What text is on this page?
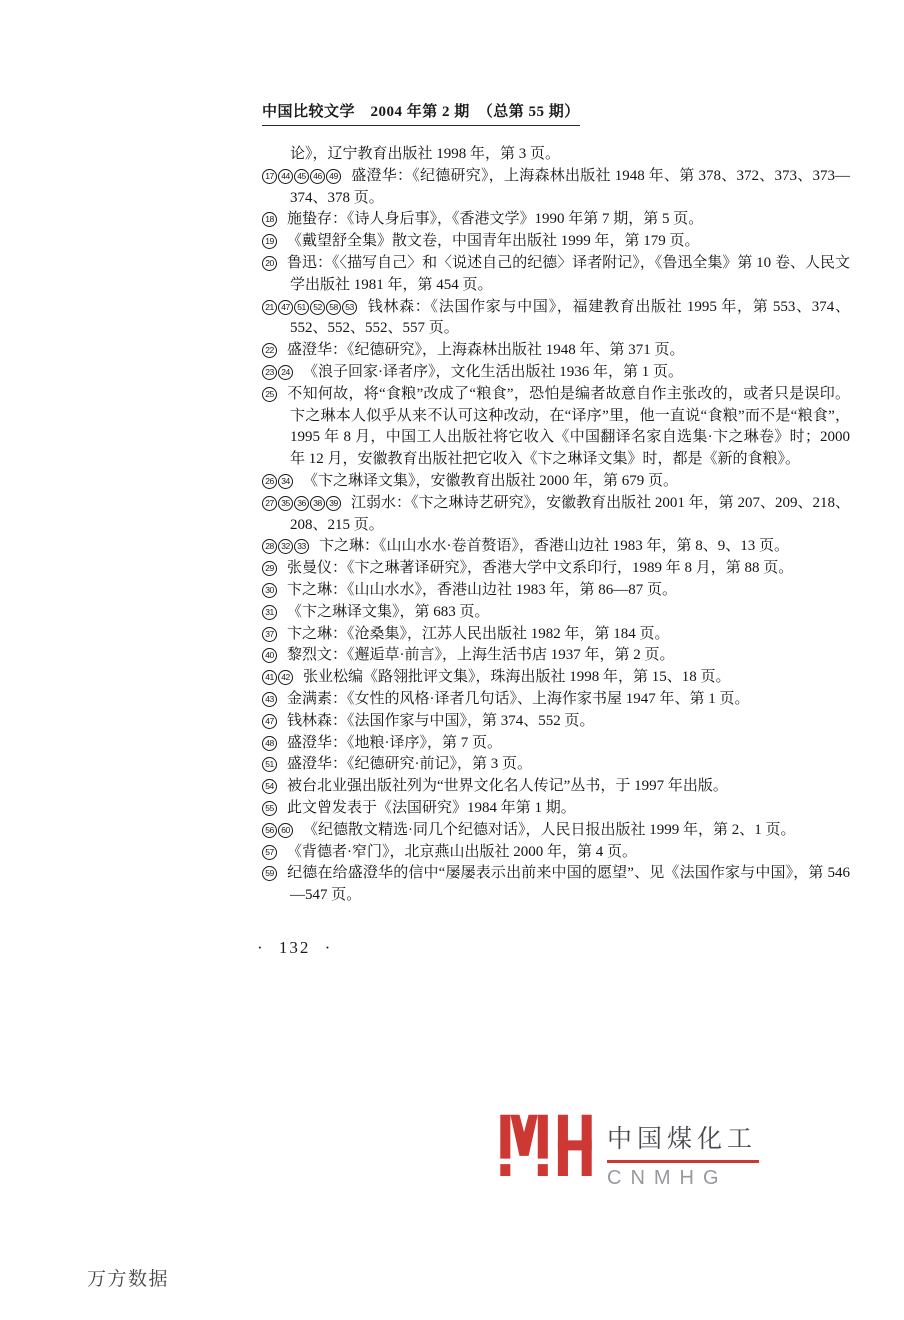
中国比较文学　2004 年第 2 期　（总第 55 期）

论》，辽宁教育出版社 1998 年，第 3 页。

17 44 45 46 49 盛澄华：《纪德研究》，上海森林出版社 1948 年、第 378、372、373、373—374、378 页。

18 施蛰存：《诗人身后事》，《香港文学》1990 年第 7 期，第 5 页。

19 《戴望舒全集》散文卷，中国青年出版社 1999 年，第 179 页。

20 鲁迅：《〈描写自己〉和〈说述自己的纪德〉译者附记》，《鲁迅全集》第 10 卷、人民文学出版社 1981 年，第 454 页。

21 47 51 52 58 53 钱林森：《法国作家与中国》，福建教育出版社 1995 年，第 553、374、552、552、552、557 页。

22 盛澄华：《纪德研究》，上海森林出版社 1948 年、第 371 页。

23 24 《浪子回家·译者序》，文化生活出版社 1936 年，第 1 页。

25 不知何故，将“食粮”改成了“粮食”，恐怕是编者故意自作主张改的，或者只是误印。卞之琳本人似乎从来不认可这种改动，在“译序”里，他一直说“食粮”而不是“粮食”，1995 年 8 月，中国工人出版社将它收入《中国翻译名家自选集·卞之琳卷》时；2000 年 12 月，安徽教育出版社把它收入《卞之琳译文集》时，都是《新的食粮》。

26 34 《卞之琳译文集》，安徽教育出版社 2000 年，第 679 页。

27 35 36 38 39 江弱水：《卞之琳诗艺研究》，安徽教育出版社 2001 年，第 207、209、218、208、215 页。

28 32 33 卞之琳：《山山水水·卷首赘语》，香港山边社 1983 年，第 8、9、13 页。

29 张曼仪：《卞之琳著译研究》，香港大学中文系印行，1989 年 8 月，第 88 页。

30 卞之琳：《山山水水》，香港山边社 1983 年，第 86—87 页。

31 《卞之琳译文集》，第 683 页。

37 卞之琳：《沧桑集》，江苏人民出版社 1982 年，第 184 页。

40 黎烈文：《邂逅草·前言》，上海生活书店 1937 年，第 2 页。

41 42 张业松编《路翎批评文集》，珠海出版社 1998 年，第 15、18 页。

43 金满素：《女性的风格·译者几句话》、上海作家书屋 1947 年、第 1 页。

47 钱林森：《法国作家与中国》，第 374、552 页。

48 盛澄华：《地粮·译序》，第 7 页。

51 盛澄华：《纪德研究·前记》，第 3 页。

54 被台北业强出版社列为“世界文化名人传记”丛书，于 1997 年出版。

55 此文曾发表于《法国研究》1984 年第 1 期。

56 60 《纪德散文精选·同几个纪德对话》，人民日报出版社 1999 年，第 2、1 页。

57 《背德者·窄门》，北京燕山出版社 2000 年，第 4 页。

59 纪德在给盛澄华的信中“屡屡表示出前来中国的愿望”、见《法国作家与中国》，第 546—547 页。

· 132 ·
中国煤化工
CNMHG
万方数据
